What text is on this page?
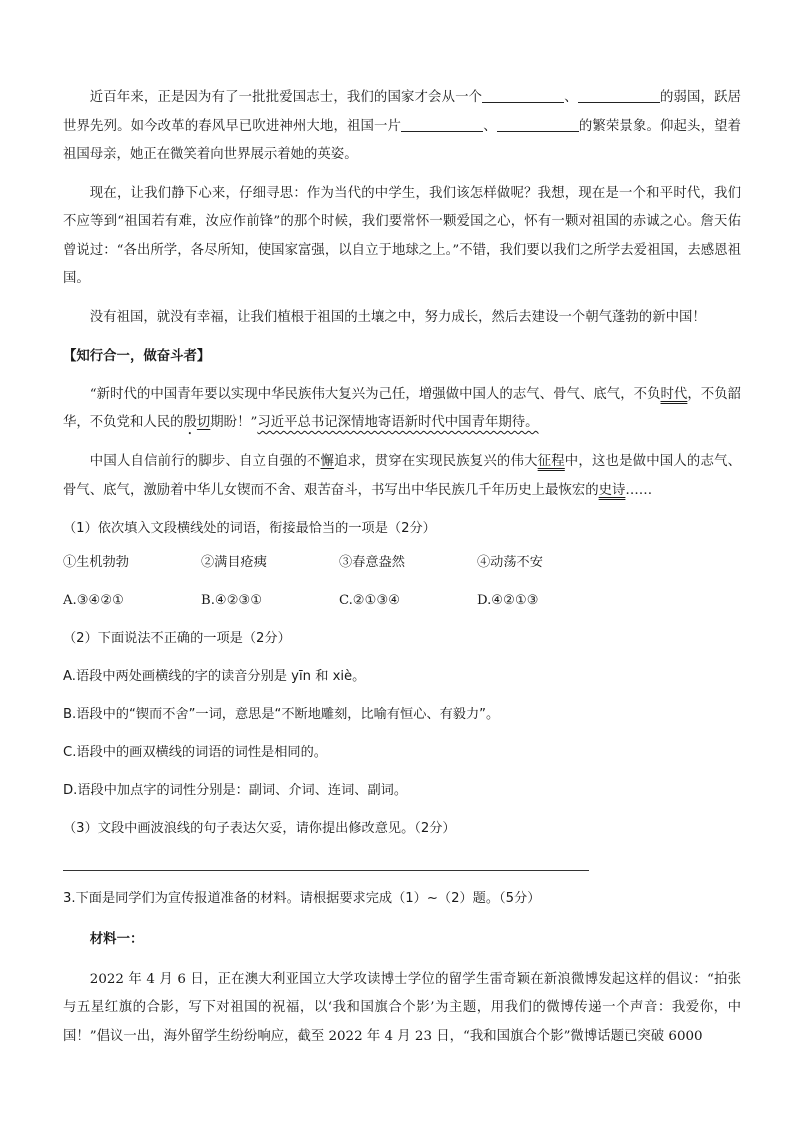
近百年来，正是因为有了一批批爱国志士，我们的国家才会从一个	、	的弱国，跃居世界先列。如今改革的春风早已吹进神州大地，祖国一片	、	的繁荣景象。仰起头，望着祖国母亲，她正在微笑着向世界展示着她的英姿。

现在，让我们静下心来，仔细寻思：作为当代的中学生，我们该怎样做呢？我想，现在是一个和平时代，我们不应等到“祖国若有难，汝应作前锋”的那个时候，我们要常怀一颗爱国之心，怀有一颗对祖国的赤诚之心。詹天佑曾说过：“各出所学，各尽所知，使国家富强，以自立于地球之上。”不错，我们要以我们之所学去爱祖国，去感恩祖国。

没有祖国，就没有幸福，让我们植根于祖国的土壤之中，努力成长，然后去建设一个朝气蓬勃的新中国！

【知行合一，做奋斗者】

“新时代的中国青年要以实现中华民族伟大复兴为己任，增强做中国人的志气、骨气、底气，不负时代，不负韶华，不负党和人民的殷切期盼！”习近平总书记深情地寄语新时代中国青年期待。

中国人自信前行的脚步、自立自强的不懈追求，贯穿在实现民族复兴的伟大征程中，这也是做中国人的志气、骨气、底气，激励着中华儿女锲而不舍、艰苦奋斗，书写出中华民族几千年历史上最恢宏的史诗……

（1）依次填入文段横线处的词语，衔接最恰当的一项是（2分）

①生机勃勃	②满目疮痍	③春意盎然	④动荡不安
A.③④②①	B.④②③①	C.②①③④	D.④②①③

（2）下面说法不正确的一项是（2分）

A.语段中两处画横线的字的读音分别是 yīn 和 xiè。

B.语段中的“锲而不舍”一词，意思是“不断地雕刻，比喻有恒心、有毅力”。

C.语段中的画双横线的词语的词性是相同的。

D.语段中加点字的词性分别是：副词、介词、连词、副词。

（3）文段中画波浪线的句子表达欠妥，请你提出修改意见。（2分）

3.下面是同学们为宣传报道准备的材料。请根据要求完成（1）~（2）题。（5分）

材料一：

2022 年 4 月 6 日，正在澳大利亚国立大学攻读博士学位的留学生雷奇颖在新浪微博发起这样的倡议：“拍张与五星红旗的合影，写下对祖国的祝福，以‘我和国旗合个影’为主题，用我们的微博传递一个声音：我爱你，中国！”倡议一出，海外留学生纷纷响应，截至 2022 年 4 月 23 日，“我和国旗合个影”微博话题已突破 6000
